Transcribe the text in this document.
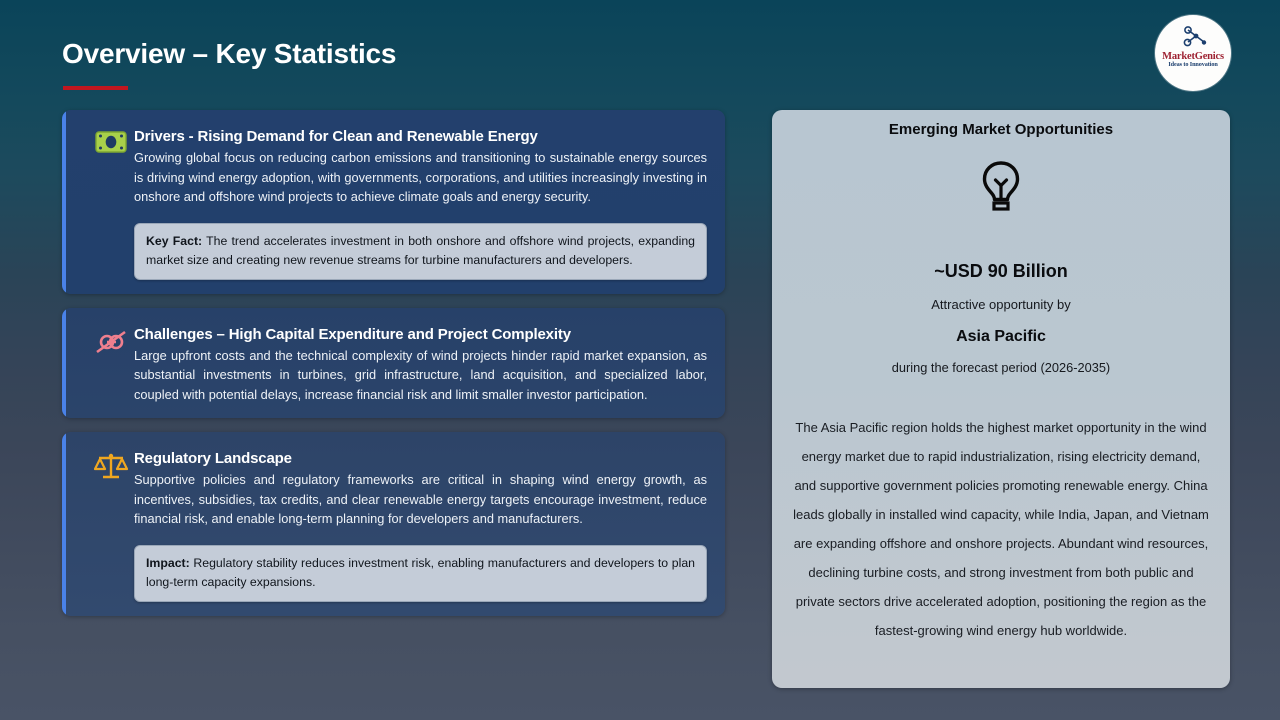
Overview – Key Statistics	MarketGenics
Ideas to Innovation

Drivers - Rising Demand for Clean and Renewable Energy

Growing global focus on reducing carbon emissions and transitioning to sustainable energy sources is driving wind energy adoption, with governments, corporations, and utilities increasingly investing in onshore and offshore wind projects to achieve climate goals and energy security.

Key Fact: The trend accelerates investment in both onshore and offshore wind projects, expanding market size and creating new revenue streams for turbine manufacturers and developers.

Challenges – High Capital Expenditure and Project Complexity

Large upfront costs and the technical complexity of wind projects hinder rapid market expansion, as substantial investments in turbines, grid infrastructure, land acquisition, and specialized labor, coupled with potential delays, increase financial risk and limit smaller investor participation.

Regulatory Landscape

Supportive policies and regulatory frameworks are critical in shaping wind energy growth, as incentives, subsidies, tax credits, and clear renewable energy targets encourage investment, reduce financial risk, and enable long-term planning for developers and manufacturers.

Impact: Regulatory stability reduces investment risk, enabling manufacturers and developers to plan long-term capacity expansions.
Emerging Market Opportunities
~USD 90 Billion
Attractive opportunity by
Asia Pacific
during the forecast period (2026-2035)
The Asia Pacific region holds the highest market opportunity in the wind energy market due to rapid industrialization, rising electricity demand, and supportive government policies promoting renewable energy. China leads globally in installed wind capacity, while India, Japan, and Vietnam are expanding offshore and onshore projects. Abundant wind resources, declining turbine costs, and strong investment from both public and private sectors drive accelerated adoption, positioning the region as the fastest-growing wind energy hub worldwide.
